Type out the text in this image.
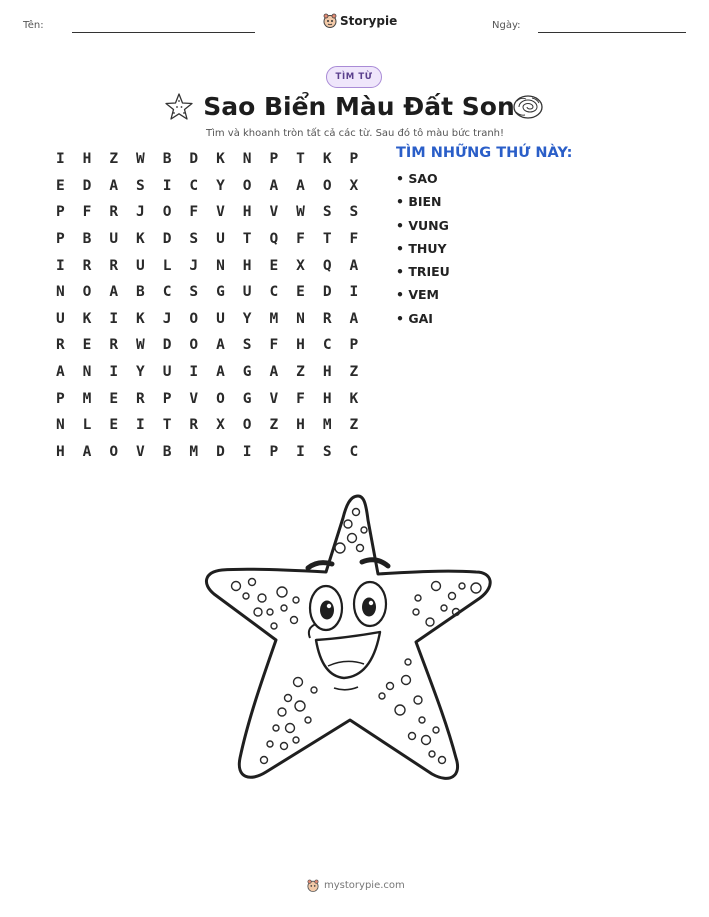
Tên:	Storypie	Ngày:
TÌM TỪ
Sao Biển Màu Đất Son
Tìm và khoanh tròn tất cả các từ. Sau đó tô màu bức tranh!
I	H	Z	W	B	D	K	N	P	T	K	P
E	D	A	S	I	C	Y	O	A	A	O	X
P	F	R	J	O	F	V	H	V	W	S	S
P	B	U	K	D	S	U	T	Q	F	T	F
I	R	R	U	L	J	N	H	E	X	Q	A
N	O	A	B	C	S	G	U	C	E	D	I
U	K	I	K	J	O	U	Y	M	N	R	A
R	E	R	W	D	O	A	S	F	H	C	P
A	N	I	Y	U	I	A	G	A	Z	H	Z
P	M	E	R	P	V	O	G	V	F	H	K
N	L	E	I	T	R	X	O	Z	H	M	Z
H	A	O	V	B	M	D	I	P	I	S	C
TÌM NHỮNG THỨ NÀY:
• SAO
• BIEN
• VUNG
• THUY
• TRIEU
• VEM
• GAI
mystorypie.com
